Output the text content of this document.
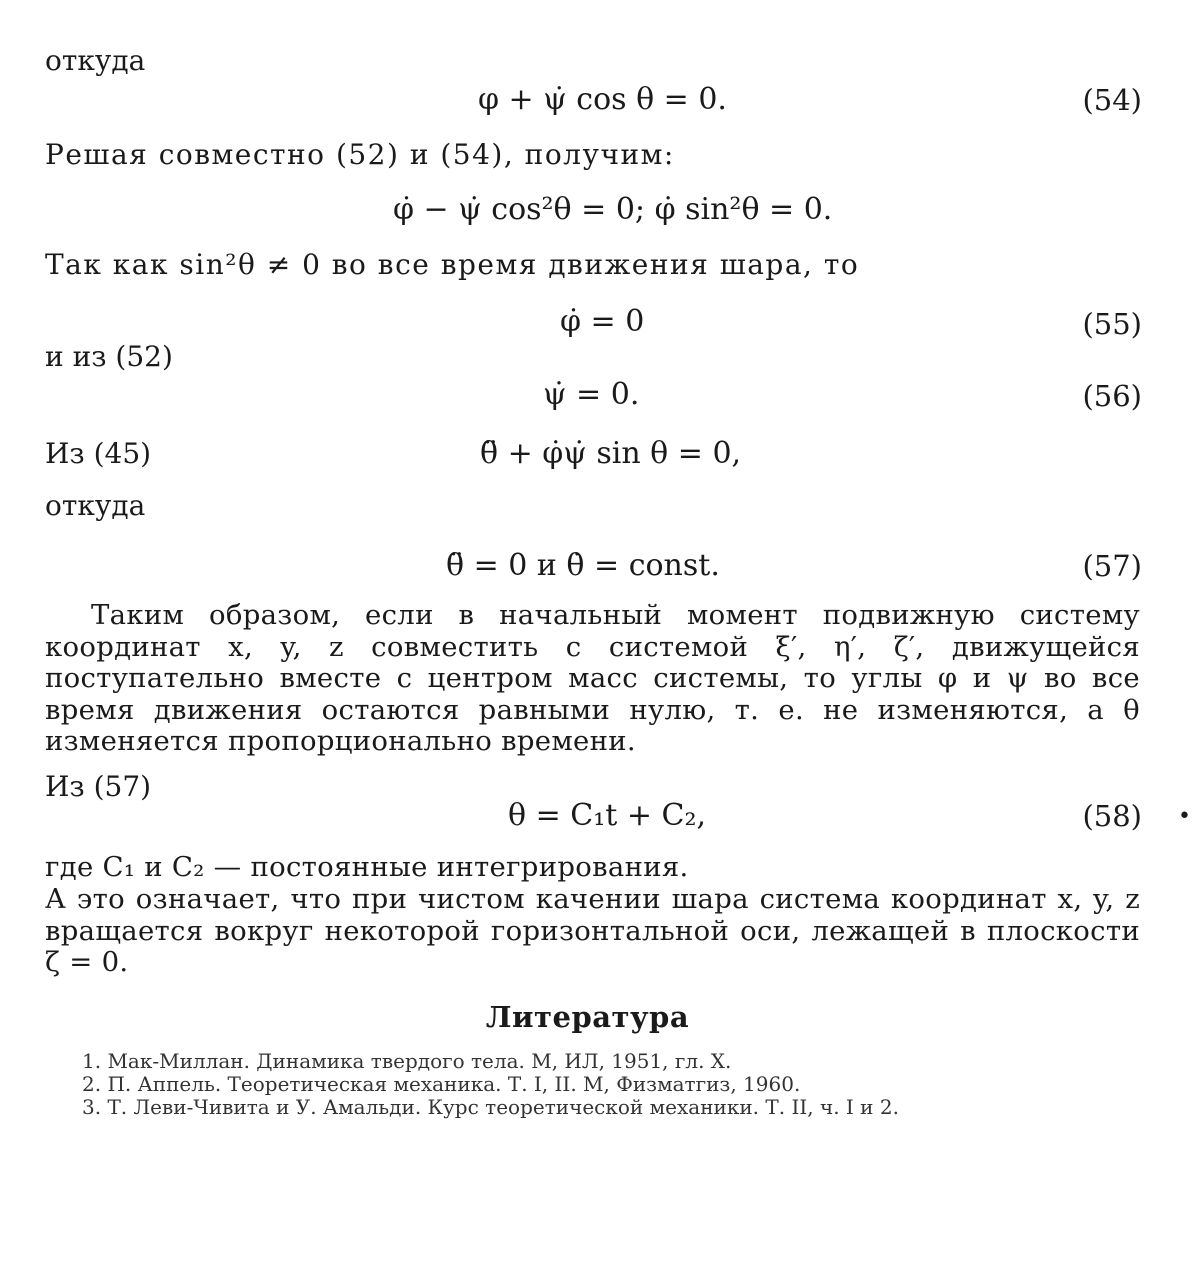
откуда
φ + ψ̇ cos θ = 0.	(54)
Решая совместно (52) и (54), получим:
φ̇ − ψ̇ cos²θ = 0; φ̇ sin²θ = 0.
Так как sin²θ ≠ 0 во все время движения шара, то
φ̇ = 0	(55)
и из (52)
ψ̇ = 0.	(56)
Из (45)	θ̈ + φ̇ψ̇ sin θ = 0,
откуда
θ̈ = 0 и θ̇ = const.	(57)
Таким образом, если в начальный момент подвижную систему координат x, y, z совместить с системой ξ′, η′, ζ′, движущейся поступательно вместе с центром масс системы, то углы φ и ψ во все время движения остаются равными нулю, т. е. не изменяются, а θ изменяется пропорционально времени.
Из (57)
θ = C₁t + C₂,	(58) •
где C₁ и C₂ — постоянные интегрирования.
А это означает, что при чистом качении шара система координат x, y, z вращается вокруг некоторой горизонтальной оси, лежащей в плоскости ζ = 0.
Литература
1. Мак-Миллан. Динамика твердого тела. М, ИЛ, 1951, гл. X.
2. П. Аппель. Теоретическая механика. Т. I, II. М, Физматгиз, 1960.
3. Т. Леви-Чивита и У. Амальди. Курс теоретической механики. Т. II, ч. I и 2.
